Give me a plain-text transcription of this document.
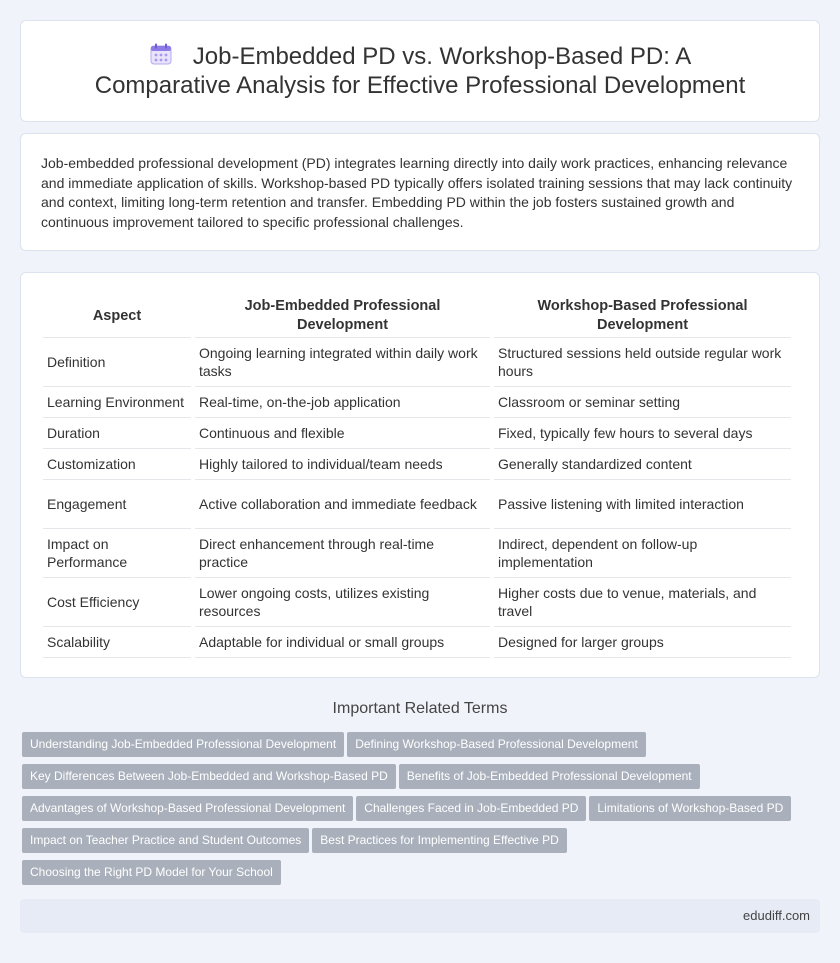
Job-Embedded PD vs. Workshop-Based PD: A Comparative Analysis for Effective Professional Development

Job-embedded professional development (PD) integrates learning directly into daily work practices, enhancing relevance and immediate application of skills. Workshop-based PD typically offers isolated training sessions that may lack continuity and context, limiting long-term retention and transfer. Embedding PD within the job fosters sustained growth and continuous improvement tailored to specific professional challenges.

Aspect	Job-Embedded Professional Development	Workshop-Based Professional Development
Definition	Ongoing learning integrated within daily work tasks	Structured sessions held outside regular work hours
Learning Environment	Real-time, on-the-job application	Classroom or seminar setting
Duration	Continuous and flexible	Fixed, typically few hours to several days
Customization	Highly tailored to individual/team needs	Generally standardized content
Engagement	Active collaboration and immediate feedback	Passive listening with limited interaction
Impact on Performance	Direct enhancement through real-time practice	Indirect, dependent on follow-up implementation
Cost Efficiency	Lower ongoing costs, utilizes existing resources	Higher costs due to venue, materials, and travel
Scalability	Adaptable for individual or small groups	Designed for larger groups
Important Related Terms
Understanding Job-Embedded Professional Development Defining Workshop-Based Professional Development
Key Differences Between Job-Embedded and Workshop-Based PD Benefits of Job-Embedded Professional Development
Advantages of Workshop-Based Professional Development Challenges Faced in Job-Embedded PD Limitations of Workshop-Based PD
Impact on Teacher Practice and Student Outcomes Best Practices for Implementing Effective PD
Choosing the Right PD Model for Your School
edudiff.com
